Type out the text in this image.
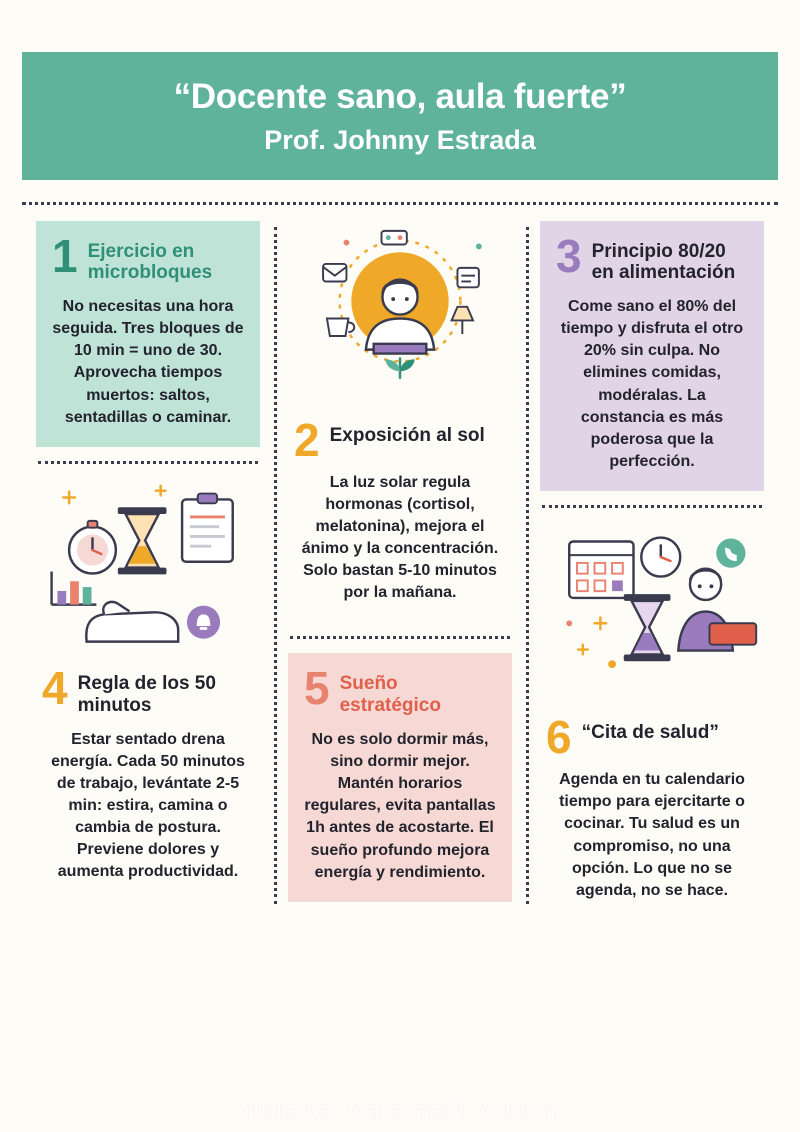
“Docente sano, aula fuerte”
Prof. Johnny Estrada
1 Ejercicio en microbloques
No necesitas una hora seguida. Tres bloques de 10 min = uno de 30. Aprovecha tiempos muertos: saltos, sentadillas o caminar.
4 Regla de los 50 minutos
Estar sentado drena energía. Cada 50 minutos de trabajo, levántate 2-5 min: estira, camina o cambia de postura. Previene dolores y aumenta productividad.
2 Exposición al sol
La luz solar regula hormonas (cortisol, melatonina), mejora el ánimo y la concentración. Solo bastan 5-10 minutos por la mañana.
5 Sueño estratégico
No es solo dormir más, sino dormir mejor. Mantén horarios regulares, evita pantallas 1h antes de acostarte. El sueño profundo mejora energía y rendimiento.
3 Principio 80/20 en alimentación
Come sano el 80% del tiempo y disfruta el otro 20% sin culpa. No elimines comidas, modéralas. La constancia es más poderosa que la perfección.
6 “Cita de salud”
Agenda en tu calendario tiempo para ejercitarte o cocinar. Tu salud es un compromiso, no una opción. Lo que no se agenda, no se hace.
rtMedia Watermark Addon
